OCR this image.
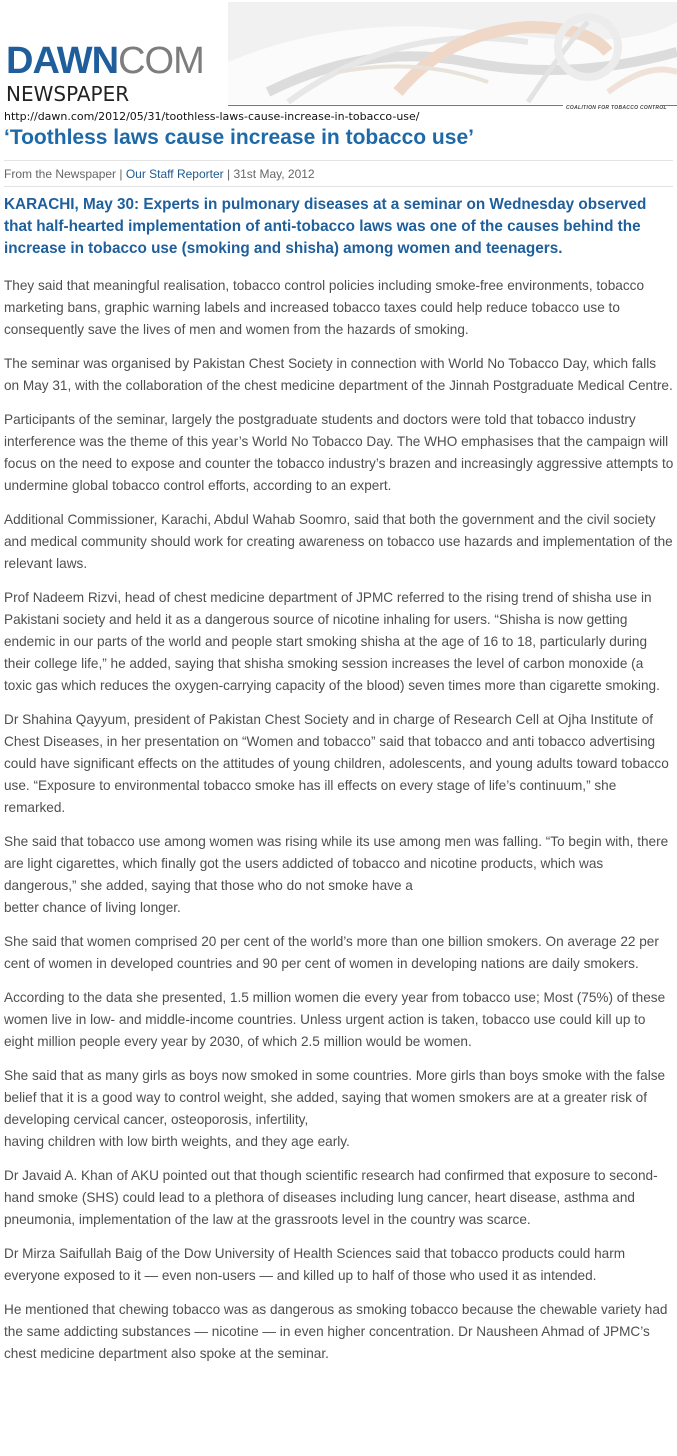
DAWNCOM
NEWSPAPER
COALITION FOR TOBACCO CONTROL
http://dawn.com/2012/05/31/toothless-laws-cause-increase-in-tobacco-use/
‘Toothless laws cause increase in tobacco use’
From the Newspaper | Our Staff Reporter | 31st May, 2012

KARACHI, May 30: Experts in pulmonary diseases at a seminar on Wednesday observed that half-hearted implementation of anti-tobacco laws was one of the causes behind the increase in tobacco use (smoking and shisha) among women and teenagers.

They said that meaningful realisation, tobacco control policies including smoke-free environments, tobacco marketing bans, graphic warning labels and increased tobacco taxes could help reduce tobacco use to consequently save the lives of men and women from the hazards of smoking.

The seminar was organised by Pakistan Chest Society in connection with World No Tobacco Day, which falls on May 31, with the collaboration of the chest medicine department of the Jinnah Postgraduate Medical Centre.

Participants of the seminar, largely the postgraduate students and doctors were told that tobacco industry interference was the theme of this year’s World No Tobacco Day. The WHO emphasises that the campaign will focus on the need to expose and counter the tobacco industry’s brazen and increasingly aggressive attempts to undermine global tobacco control efforts, according to an expert.

Additional Commissioner, Karachi, Abdul Wahab Soomro, said that both the government and the civil society and medical community should work for creating awareness on tobacco use hazards and implementation of the relevant laws.

Prof Nadeem Rizvi, head of chest medicine department of JPMC referred to the rising trend of shisha use in Pakistani society and held it as a dangerous source of nicotine inhaling for users. “Shisha is now getting endemic in our parts of the world and people start smoking shisha at the age of 16 to 18, particularly during their college life,” he added, saying that shisha smoking session increases the level of carbon monoxide (a toxic gas which reduces the oxygen-carrying capacity of the blood) seven times more than cigarette smoking.

Dr Shahina Qayyum, president of Pakistan Chest Society and in charge of Research Cell at Ojha Institute of Chest Diseases, in her presentation on “Women and tobacco” said that tobacco and anti tobacco advertising could have significant effects on the attitudes of young children, adolescents, and young adults toward tobacco use. “Exposure to environmental tobacco smoke has ill effects on every stage of life’s continuum,” she remarked.

She said that tobacco use among women was rising while its use among men was falling. “To begin with, there are light cigarettes, which finally got the users addicted of tobacco and nicotine products, which was dangerous,” she added, saying that those who do not smoke have a
better chance of living longer.

She said that women comprised 20 per cent of the world’s more than one billion smokers. On average 22 per cent of women in developed countries and 90 per cent of women in developing nations are daily smokers.

According to the data she presented, 1.5 million women die every year from tobacco use; Most (75%) of these women live in low- and middle-income countries. Unless urgent action is taken, tobacco use could kill up to eight million people every year by 2030, of which 2.5 million would be women.

She said that as many girls as boys now smoked in some countries. More girls than boys smoke with the false belief that it is a good way to control weight, she added, saying that women smokers are at a greater risk of developing cervical cancer, osteoporosis, infertility,
having children with low birth weights, and they age early.

Dr Javaid A. Khan of AKU pointed out that though scientific research had confirmed that exposure to second-hand smoke (SHS) could lead to a plethora of diseases including lung cancer, heart disease, asthma and pneumonia, implementation of the law at the grassroots level in the country was scarce.

Dr Mirza Saifullah Baig of the Dow University of Health Sciences said that tobacco products could harm everyone exposed to it — even non-users — and killed up to half of those who used it as intended.

He mentioned that chewing tobacco was as dangerous as smoking tobacco because the chewable variety had the same addicting substances — nicotine — in even higher concentration. Dr Nausheen Ahmad of JPMC’s chest medicine department also spoke at the seminar.
